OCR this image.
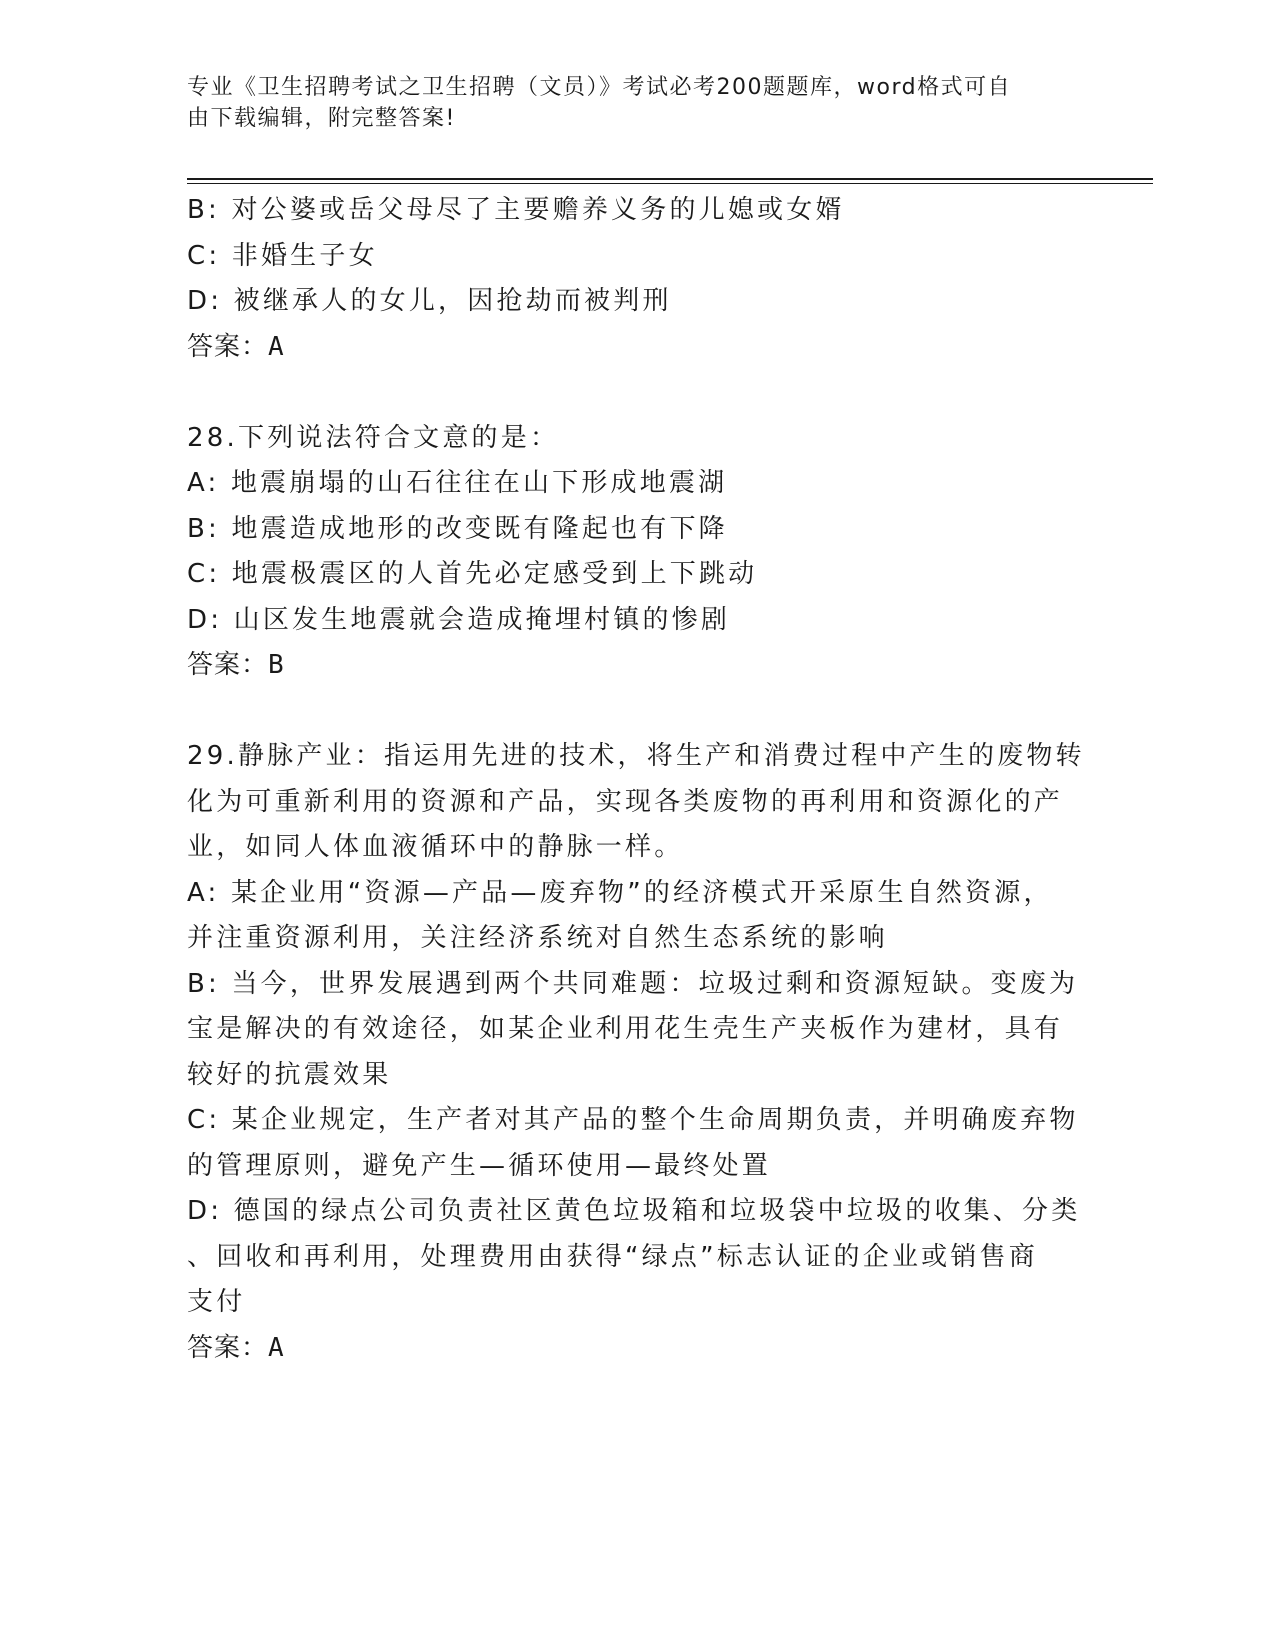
专业《卫生招聘考试之卫生招聘（文员）》考试必考200题题库，word格式可自
由下载编辑，附完整答案!

B: 对公婆或岳父母尽了主要赡养义务的儿媳或女婿

C: 非婚生子女

D: 被继承人的女儿，因抢劫而被判刑

答案：A

28.下列说法符合文意的是：

A: 地震崩塌的山石往往在山下形成地震湖

B: 地震造成地形的改变既有隆起也有下降

C: 地震极震区的人首先必定感受到上下跳动

D: 山区发生地震就会造成掩埋村镇的惨剧

答案：B

29.静脉产业：指运用先进的技术，将生产和消费过程中产生的废物转

化为可重新利用的资源和产品，实现各类废物的再利用和资源化的产

业，如同人体血液循环中的静脉一样。

A: 某企业用“资源—产品—废弃物”的经济模式开采原生自然资源，

并注重资源利用，关注经济系统对自然生态系统的影响

B: 当今，世界发展遇到两个共同难题：垃圾过剩和资源短缺。变废为

宝是解决的有效途径，如某企业利用花生壳生产夹板作为建材，具有

较好的抗震效果

C: 某企业规定，生产者对其产品的整个生命周期负责，并明确废弃物

的管理原则，避免产生—循环使用—最终处置

D: 德国的绿点公司负责社区黄色垃圾箱和垃圾袋中垃圾的收集、分类

、回收和再利用，处理费用由获得“绿点”标志认证的企业或销售商

支付

答案：A
